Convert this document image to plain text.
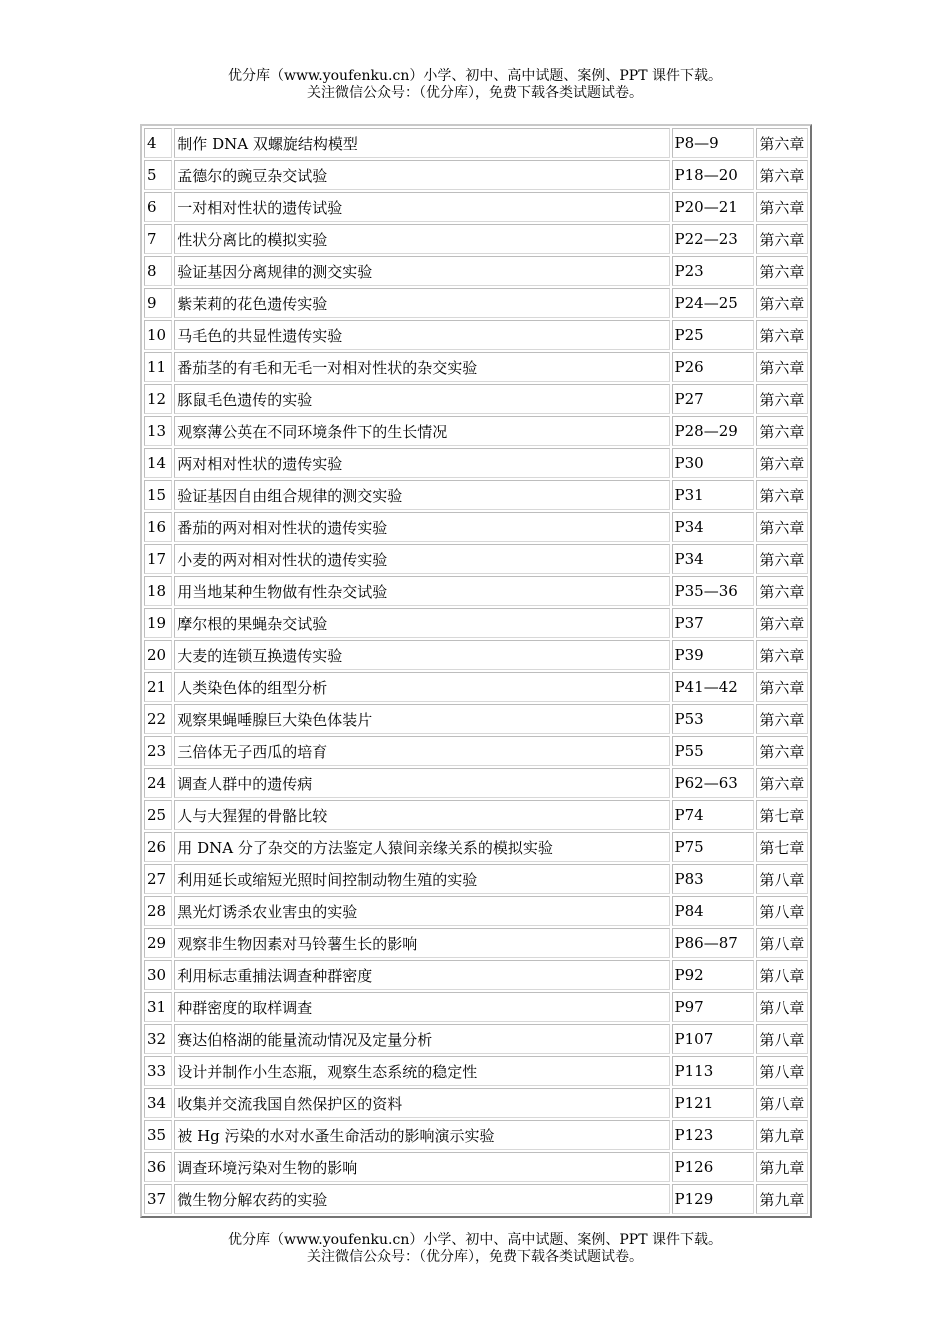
优分库（www.youfenku.cn）小学、初中、高中试题、案例、PPT 课件下载。
关注微信公众号：（优分库），免费下载各类试题试卷。
4	制作 DNA 双螺旋结构模型	P8—9	第六章
5	孟德尔的豌豆杂交试验	P18—20	第六章
6	一对相对性状的遗传试验	P20—21	第六章
7	性状分离比的模拟实验	P22—23	第六章
8	验证基因分离规律的测交实验	P23	第六章
9	紫茉莉的花色遗传实验	P24—25	第六章
10	马毛色的共显性遗传实验	P25	第六章
11	番茄茎的有毛和无毛一对相对性状的杂交实验	P26	第六章
12	豚鼠毛色遗传的实验	P27	第六章
13	观察薄公英在不同环境条件下的生长情况	P28—29	第六章
14	两对相对性状的遗传实验	P30	第六章
15	验证基因自由组合规律的测交实验	P31	第六章
16	番茄的两对相对性状的遗传实验	P34	第六章
17	小麦的两对相对性状的遗传实验	P34	第六章
18	用当地某种生物做有性杂交试验	P35—36	第六章
19	摩尔根的果蝇杂交试验	P37	第六章
20	大麦的连锁互换遗传实验	P39	第六章
21	人类染色体的组型分析	P41—42	第六章
22	观察果蝇唾腺巨大染色体装片	P53	第六章
23	三倍体无子西瓜的培育	P55	第六章
24	调查人群中的遗传病	P62—63	第六章
25	人与大猩猩的骨骼比较	P74	第七章
26	用 DNA 分了杂交的方法鉴定人猿间亲缘关系的模拟实验	P75	第七章
27	利用延长或缩短光照时间控制动物生殖的实验	P83	第八章
28	黑光灯诱杀农业害虫的实验	P84	第八章
29	观察非生物因素对马铃薯生长的影响	P86—87	第八章
30	利用标志重捕法调查种群密度	P92	第八章
31	种群密度的取样调查	P97	第八章
32	赛达伯格湖的能量流动情况及定量分析	P107	第八章
33	设计并制作小生态瓶，观察生态系统的稳定性	P113	第八章
34	收集并交流我国自然保护区的资料	P121	第八章
35	被 Hg 污染的水对水蚤生命活动的影响演示实验	P123	第九章
36	调查环境污染对生物的影响	P126	第九章
37	微生物分解农药的实验	P129	第九章
优分库（www.youfenku.cn）小学、初中、高中试题、案例、PPT 课件下载。
关注微信公众号：（优分库），免费下载各类试题试卷。
